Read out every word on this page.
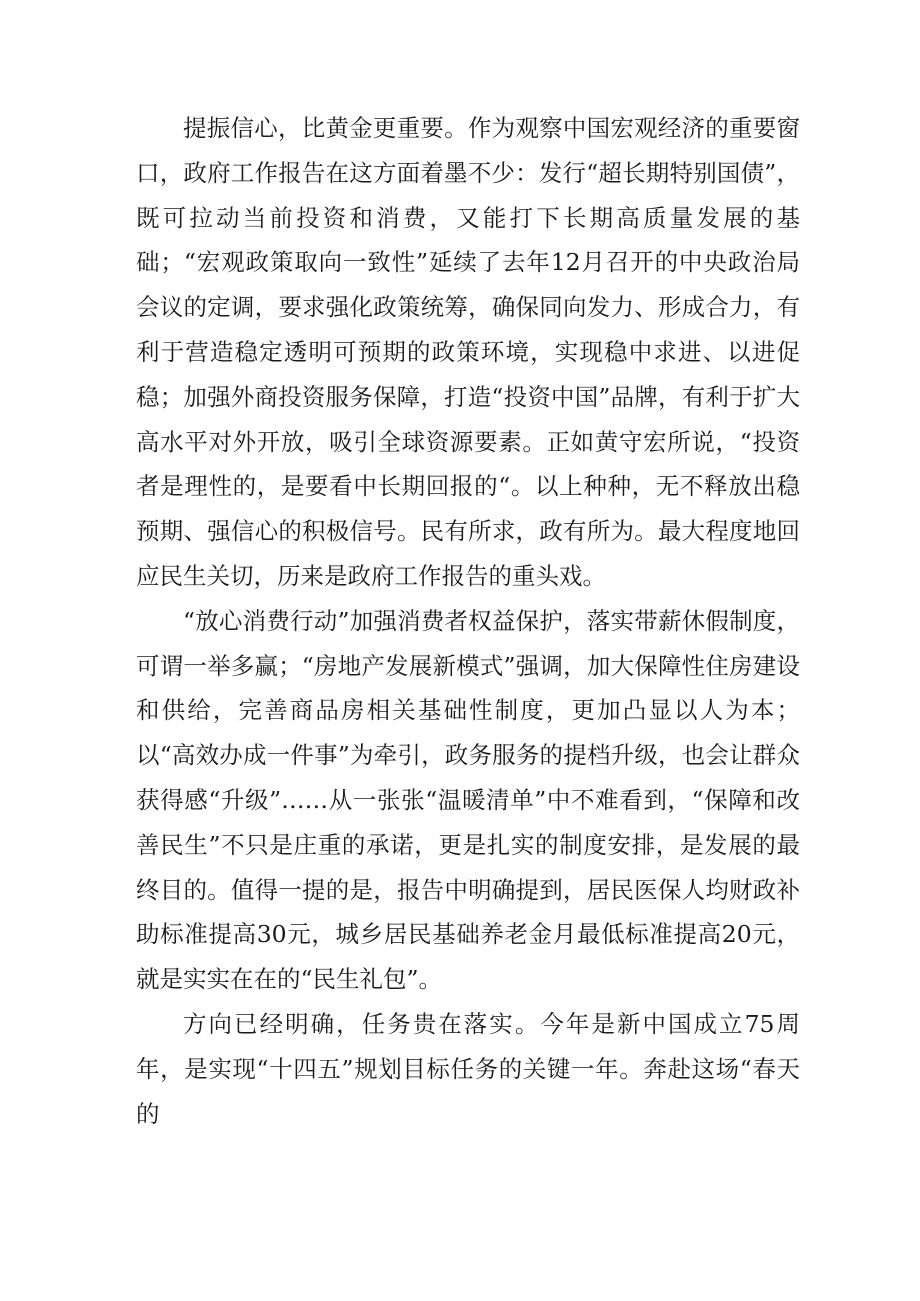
提振信心，比黄金更重要。作为观察中国宏观经济的重要窗口，政府工作报告在这方面着墨不少：发行“超长期特别国债”，既可拉动当前投资和消费，又能打下长期高质量发展的基础；“宏观政策取向一致性”延续了去年12月召开的中央政治局会议的定调，要求强化政策统筹，确保同向发力、形成合力，有利于营造稳定透明可预期的政策环境，实现稳中求进、以进促稳；加强外商投资服务保障，打造“投资中国”品牌，有利于扩大高水平对外开放，吸引全球资源要素。正如黄守宏所说，“投资者是理性的，是要看中长期回报的“。以上种种，无不释放出稳预期、强信心的积极信号。民有所求，政有所为。最大程度地回应民生关切，历来是政府工作报告的重头戏。

“放心消费行动”加强消费者权益保护，落实带薪休假制度，可谓一举多赢；“房地产发展新模式”强调，加大保障性住房建设和供给，完善商品房相关基础性制度，更加凸显以人为本；以“高效办成一件事”为牵引，政务服务的提档升级，也会让群众获得感“升级”……从一张张“温暖清单”中不难看到，“保障和改善民生”不只是庄重的承诺，更是扎实的制度安排，是发展的最终目的。值得一提的是，报告中明确提到，居民医保人均财政补助标准提高30元，城乡居民基础养老金月最低标准提高20元，就是实实在在的“民生礼包”。

方向已经明确，任务贵在落实。今年是新中国成立75周年，是实现“十四五”规划目标任务的关键一年。奔赴这场“春天的
